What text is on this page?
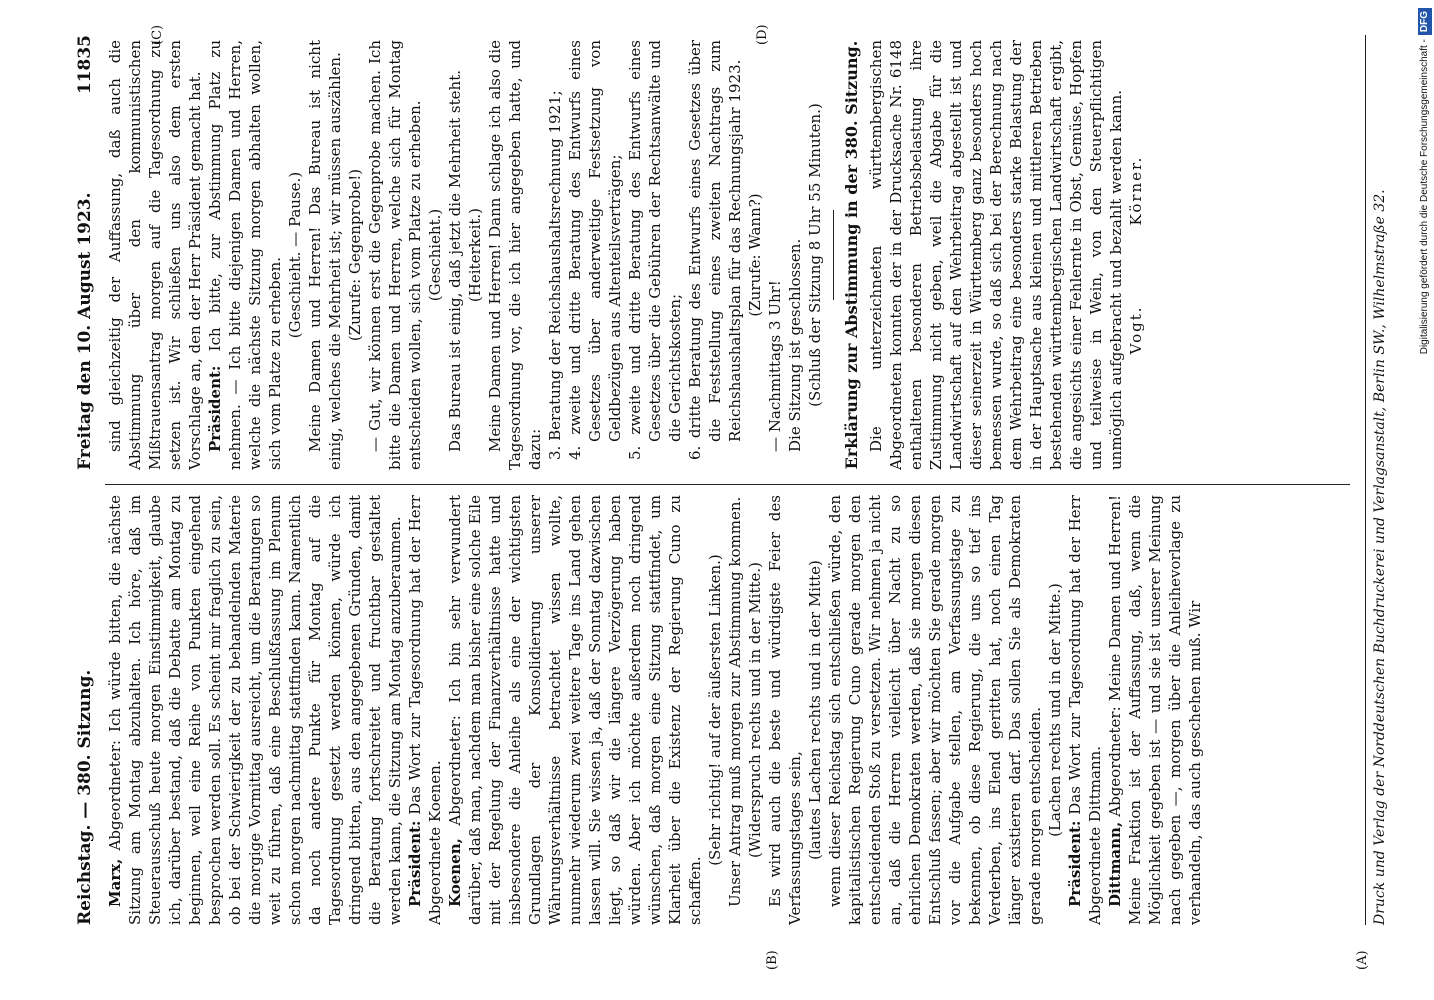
Reichstag. — 380. Sitzung.
Freitag den 10. August 1923.
11835
(A)
(B)
(C)	(D)

Marx, Abgeordneter: Ich würde bitten, die nächste Sitzung am Montag abzuhalten. Ich höre, daß im Steuerausschuß heute morgen Einstimmigkeit, glaube ich, darüber bestand, daß die Debatte am Montag zu beginnen, weil eine Reihe von Punkten eingehend besprochen werden soll. Es scheint mir fraglich zu sein, ob bei der Schwierigkeit der zu behandelnden Materie die morgige Vormittag ausreicht, um die Beratungen so weit zu führen, daß eine Beschlußfassung im Plenum schon morgen nachmittag stattfinden kann. Namentlich da noch andere Punkte für Montag auf die Tagesordnung gesetzt werden können, würde ich dringend bitten, aus den angegebenen Gründen, damit die Beratung fortschreitet und fruchtbar gestaltet werden kann, die Sitzung am Montag anzuberaumen. Präsident: Das Wort zur Tagesordnung hat der Herr Abgeordnete Koenen. Koenen, Abgeordneter: Ich bin sehr verwundert darüber, daß man, nachdem man bisher eine solche Eile mit der Regelung der Finanzverhältnisse hatte und insbesondere die Anleihe als eine der wichtigsten Grundlagen der Konsolidierung unserer Währungsverhältnisse betrachtet wissen wollte, nunmehr wiederum zwei weitere Tage ins Land gehen lassen will. Sie wissen ja, daß der Sonntag dazwischen liegt, so daß wir die längere Verzögerung haben würden. Aber ich möchte außerdem noch dringend wünschen, daß morgen eine Sitzung stattfindet, um Klarheit über die Existenz der Regierung Cuno zu schaffen.

(Sehr richtig! auf der äußersten Linken.) Unser Antrag muß morgen zur Abstimmung kommen. (Widerspruch rechts und in der Mitte.) Es wird auch die beste und würdigste Feier des Verfassungstages sein, (lautes Lachen rechts und in der Mitte) wenn dieser Reichstag sich entschließen würde, den kapitalistischen Regierung Cuno gerade morgen den entscheidenden Stoß zu versetzen. Wir nehmen ja nicht an, daß die Herren vielleicht über Nacht zu so ehrlichen Demokraten werden, daß sie morgen diesen Entschluß fassen; aber wir möchten Sie gerade morgen vor die Aufgabe stellen, am Verfassungstage zu bekennen, ob diese Regierung, die uns so tief ins Verderben, ins Elend geritten hat, noch einen Tag länger existieren darf. Das sollen Sie als Demokraten gerade morgen entscheiden. (Lachen rechts und in der Mitte.)

Präsident: Das Wort zur Tagesordnung hat der Herr Abgeordnete Dittmann. Dittmann, Abgeordneter: Meine Damen und Herren! Meine Fraktion ist der Auffassung, daß, wenn die Möglichkeit gegeben ist — und sie ist unserer Meinung nach gegeben —, morgen über die Anleihevorlage zu verhandeln, das auch geschehen muß. Wir

sind gleichzeitig der Auffassung, daß auch die Abstimmung über den kommunistischen Mißtrauensantrag morgen auf die Tagesordnung zu setzen ist. Wir schließen uns also dem ersten Vorschlage an, den der Herr Präsident gemacht hat. Präsident: Ich bitte, zur Abstimmung Platz zu nehmen. — Ich bitte diejenigen Damen und Herren, welche die nächste Sitzung morgen abhalten wollen, sich vom Platze zu erheben.

(Geschieht. — Pause.) Meine Damen und Herren! Das Bureau ist nicht einig, welches die Mehrheit ist; wir müssen auszählen. (Zurufe: Gegenprobe!) — Gut, wir können erst die Gegenprobe machen. Ich bitte die Damen und Herren, welche sich für Montag entscheiden wollen, sich vom Platze zu erheben. (Geschieht.) Das Bureau ist einig, daß jetzt die Mehrheit steht. (Heiterkeit.) Meine Damen und Herren! Dann schlage ich also die Tagesordnung vor, die ich hier angegeben hatte, und dazu: 3. Beratung der Reichshaushaltsrechnung 1921; 4. zweite und dritte Beratung des Entwurfs eines Gesetzes über anderweitige Festsetzung von Geldbezügen aus Altenteilsverträgen; 5. zweite und dritte Beratung des Entwurfs eines Gesetzes über die Gebühren der Rechtsanwälte und die Gerichtskosten; 6. dritte Beratung des Entwurfs eines Gesetzes über die Feststellung eines zweiten Nachtrags zum Reichshaushaltsplan für das Rechnungsjahr 1923. (Zurufe: Wann?)

— Nachmittags 3 Uhr! Die Sitzung ist geschlossen. (Schluß der Sitzung 8 Uhr 55 Minuten.) Erklärung zur Abstimmung in der 380. Sitzung. Die unterzeichneten württembergischen Abgeordneten konnten der in der Drucksache Nr. 6148 enthaltenen besonderen Betriebsbelastung ihre Zustimmung nicht geben, weil die Abgabe für die Landwirtschaft auf den Wehrbeitrag abgestellt ist und dieser seinerzeit in Württemberg ganz besonders hoch bemessen wurde, so daß sich bei der Berechnung nach dem Wehrbeitrag eine besonders starke Belastung der in der Hauptsache aus kleinen und mittleren Betrieben bestehenden württembergischen Landwirtschaft ergibt, die angesichts einer Fehlernte in Obst, Gemüse, Hopfen und teilweise in Wein, von den Steuerpflichtigen unmöglich aufgebracht und bezahlt werden kann. Vogt.Körner.	Druck und Verlag der Norddeutschen Buchdruckerei und Verlagsanstalt, Berlin SW., Wilhelmstraße 32.	Digitalisierung gefördert durch die Deutsche Forschungsgemeinschaft -DFG
